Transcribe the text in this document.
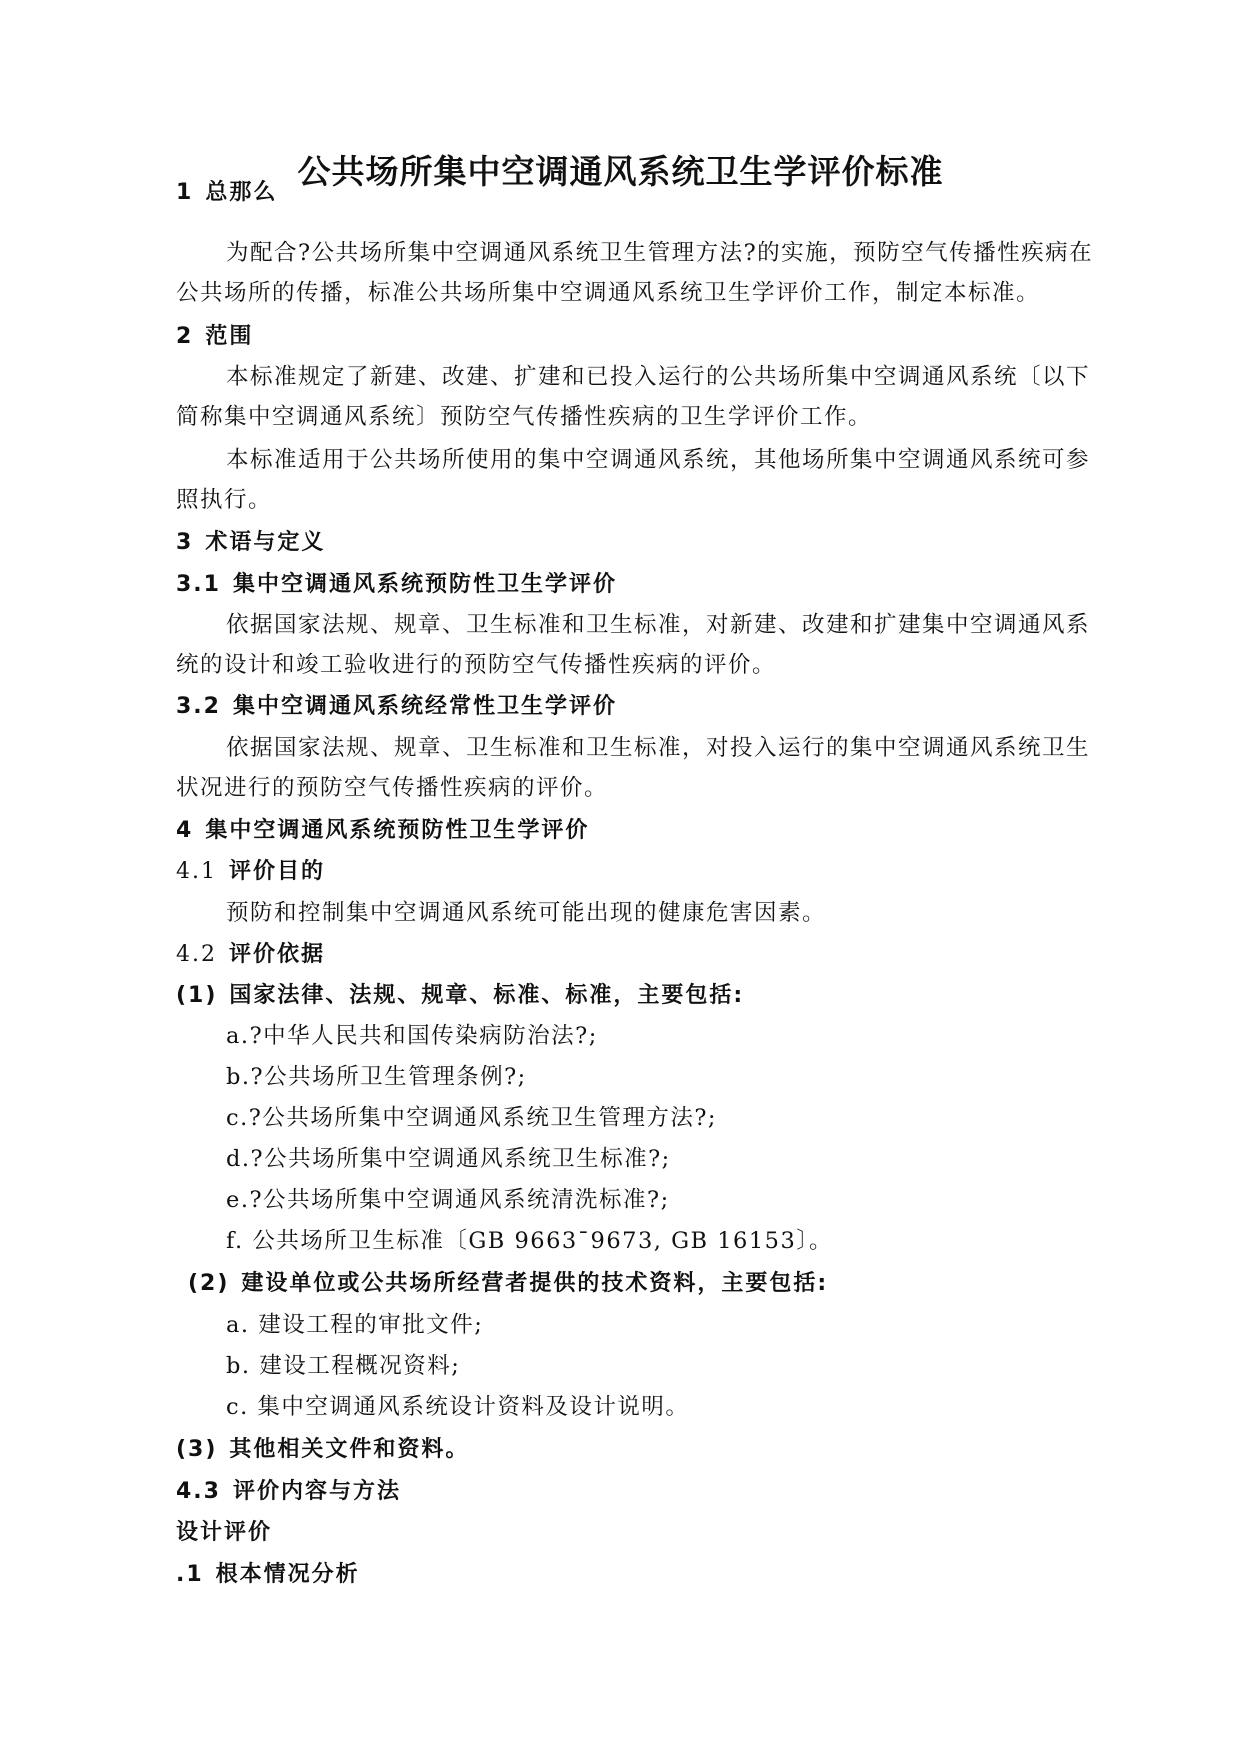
公共场所集中空调通风系统卫生学评价标准
1 总那么
为配合?公共场所集中空调通风系统卫生管理方法?的实施，预防空气传播性疾病在
公共场所的传播，标准公共场所集中空调通风系统卫生学评价工作，制定本标准。
2 范围
本标准规定了新建、改建、扩建和已投入运行的公共场所集中空调通风系统〔以下
简称集中空调通风系统〕预防空气传播性疾病的卫生学评价工作。
本标准适用于公共场所使用的集中空调通风系统，其他场所集中空调通风系统可参
照执行。
3 术语与定义
3.1 集中空调通风系统预防性卫生学评价
依据国家法规、规章、卫生标准和卫生标准，对新建、改建和扩建集中空调通风系
统的设计和竣工验收进行的预防空气传播性疾病的评价。
3.2 集中空调通风系统经常性卫生学评价
依据国家法规、规章、卫生标准和卫生标准，对投入运行的集中空调通风系统卫生
状况进行的预防空气传播性疾病的评价。
4 集中空调通风系统预防性卫生学评价
4.1 评价目的
预防和控制集中空调通风系统可能出现的健康危害因素。
4.2 评价依据
(1) 国家法律、法规、规章、标准、标准，主要包括:
a.?中华人民共和国传染病防治法?;
b.?公共场所卫生管理条例?;
c.?公共场所集中空调通风系统卫生管理方法?;
d.?公共场所集中空调通风系统卫生标准?;
e.?公共场所集中空调通风系统清洗标准?;
f. 公共场所卫生标准〔GB 9663¯9673, GB 16153〕。
(2) 建设单位或公共场所经营者提供的技术资料，主要包括:
a. 建设工程的审批文件;
b. 建设工程概况资料;
c. 集中空调通风系统设计资料及设计说明。
(3) 其他相关文件和资料。
4.3 评价内容与方法
设计评价
.1 根本情况分析
